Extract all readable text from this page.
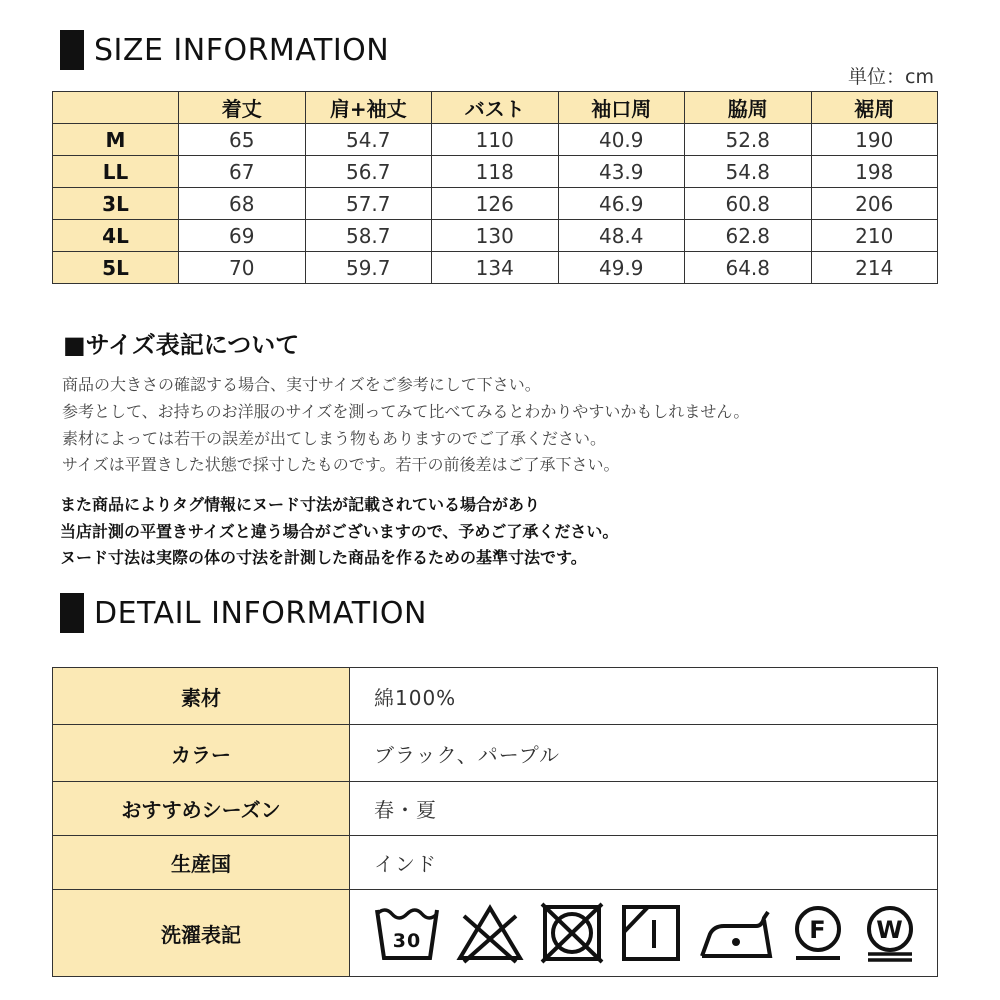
SIZE INFORMATION
単位：cm
	着丈	肩+袖丈	バスト	袖口周	脇周	裾周
M	65	54.7	110	40.9	52.8	190
LL	67	56.7	118	43.9	54.8	198
3L	68	57.7	126	46.9	60.8	206
4L	69	58.7	130	48.4	62.8	210
5L	70	59.7	134	49.9	64.8	214
■サイズ表記について
商品の大きさの確認する場合、実寸サイズをご参考にして下さい。
参考として、お持ちのお洋服のサイズを測ってみて比べてみるとわかりやすいかもしれません。
素材によっては若干の誤差が出てしまう物もありますのでご了承ください。
サイズは平置きした状態で採寸したものです。若干の前後差はご了承下さい。
また商品によりタグ情報にヌード寸法が記載されている場合があり
当店計測の平置きサイズと違う場合がございますので、予めご了承ください。
ヌード寸法は実際の体の寸法を計測した商品を作るための基準寸法です。
DETAIL INFORMATION
素材	綿100%
カラー	ブラック、パープル
おすすめシーズン	春・夏
生産国	インド
洗濯表記	30 F W
